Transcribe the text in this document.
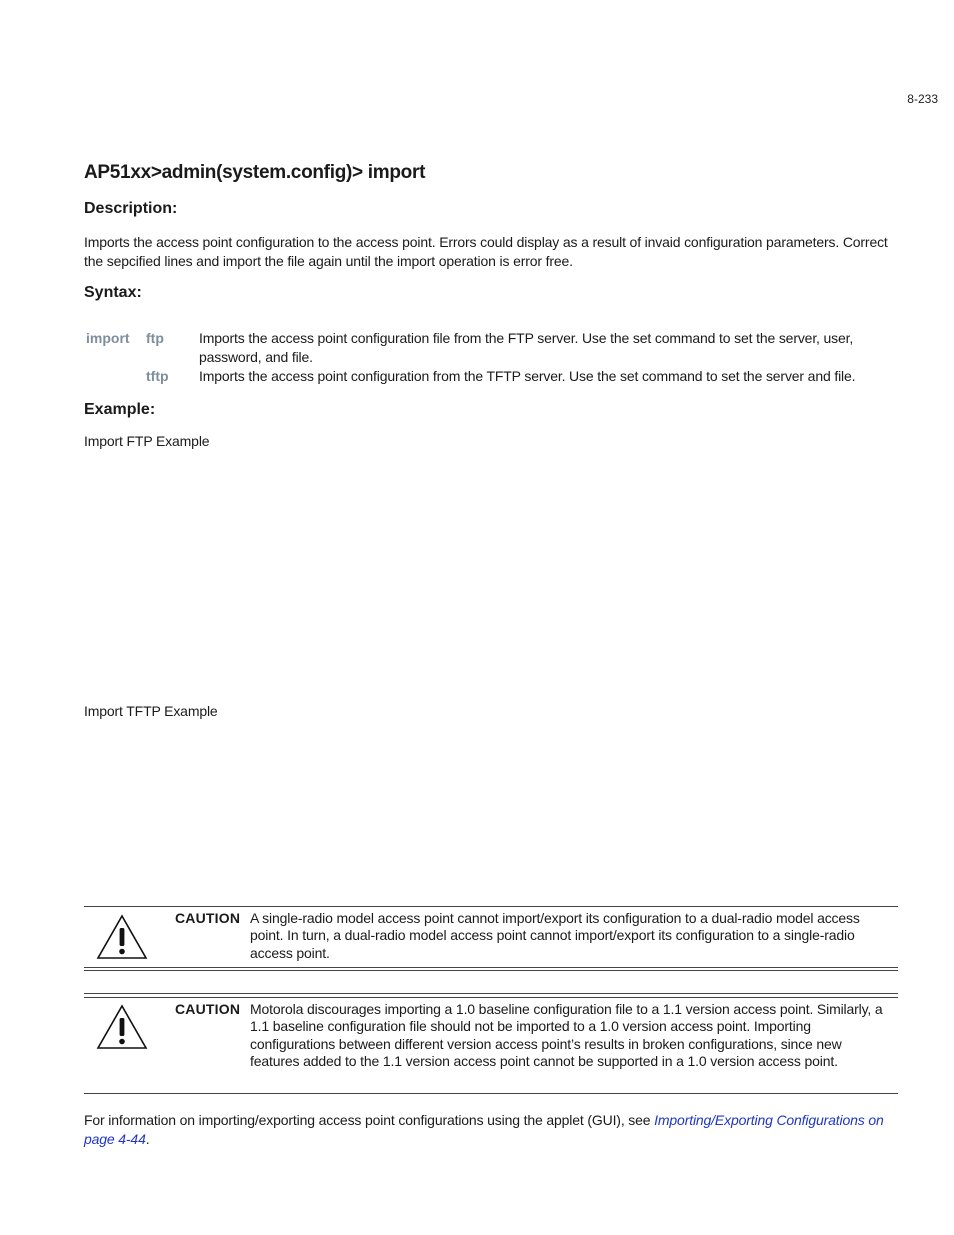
8-233
AP51xx>admin(system.config)> import
Description:
Imports the access point configuration to the access point. Errors could display as a result of invaid configuration parameters. Correct the sepcified lines and import the file again until the import operation is error free.
Syntax:
import ftp	Imports the access point configuration file from the FTP server. Use the set command to set the server, user, password, and file.
tftp Imports the access point configuration from the TFTP server. Use the set command to set the server and file.
Example:
Import FTP Example
Import TFTP Example
CAUTION A single-radio model access point cannot import/export its configuration to a dual-radio model access point. In turn, a dual-radio model access point cannot import/export its configuration to a single-radio access point.
CAUTION Motorola discourages importing a 1.0 baseline configuration file to a 1.1 version access point. Similarly, a 1.1 baseline configuration file should not be imported to a 1.0 version access point. Importing configurations between different version access point’s results in broken configurations, since new features added to the 1.1 version access point cannot be supported in a 1.0 version access point.
For information on importing/exporting access point configurations using the applet (GUI), see Importing/Exporting Configurations on page 4-44.
